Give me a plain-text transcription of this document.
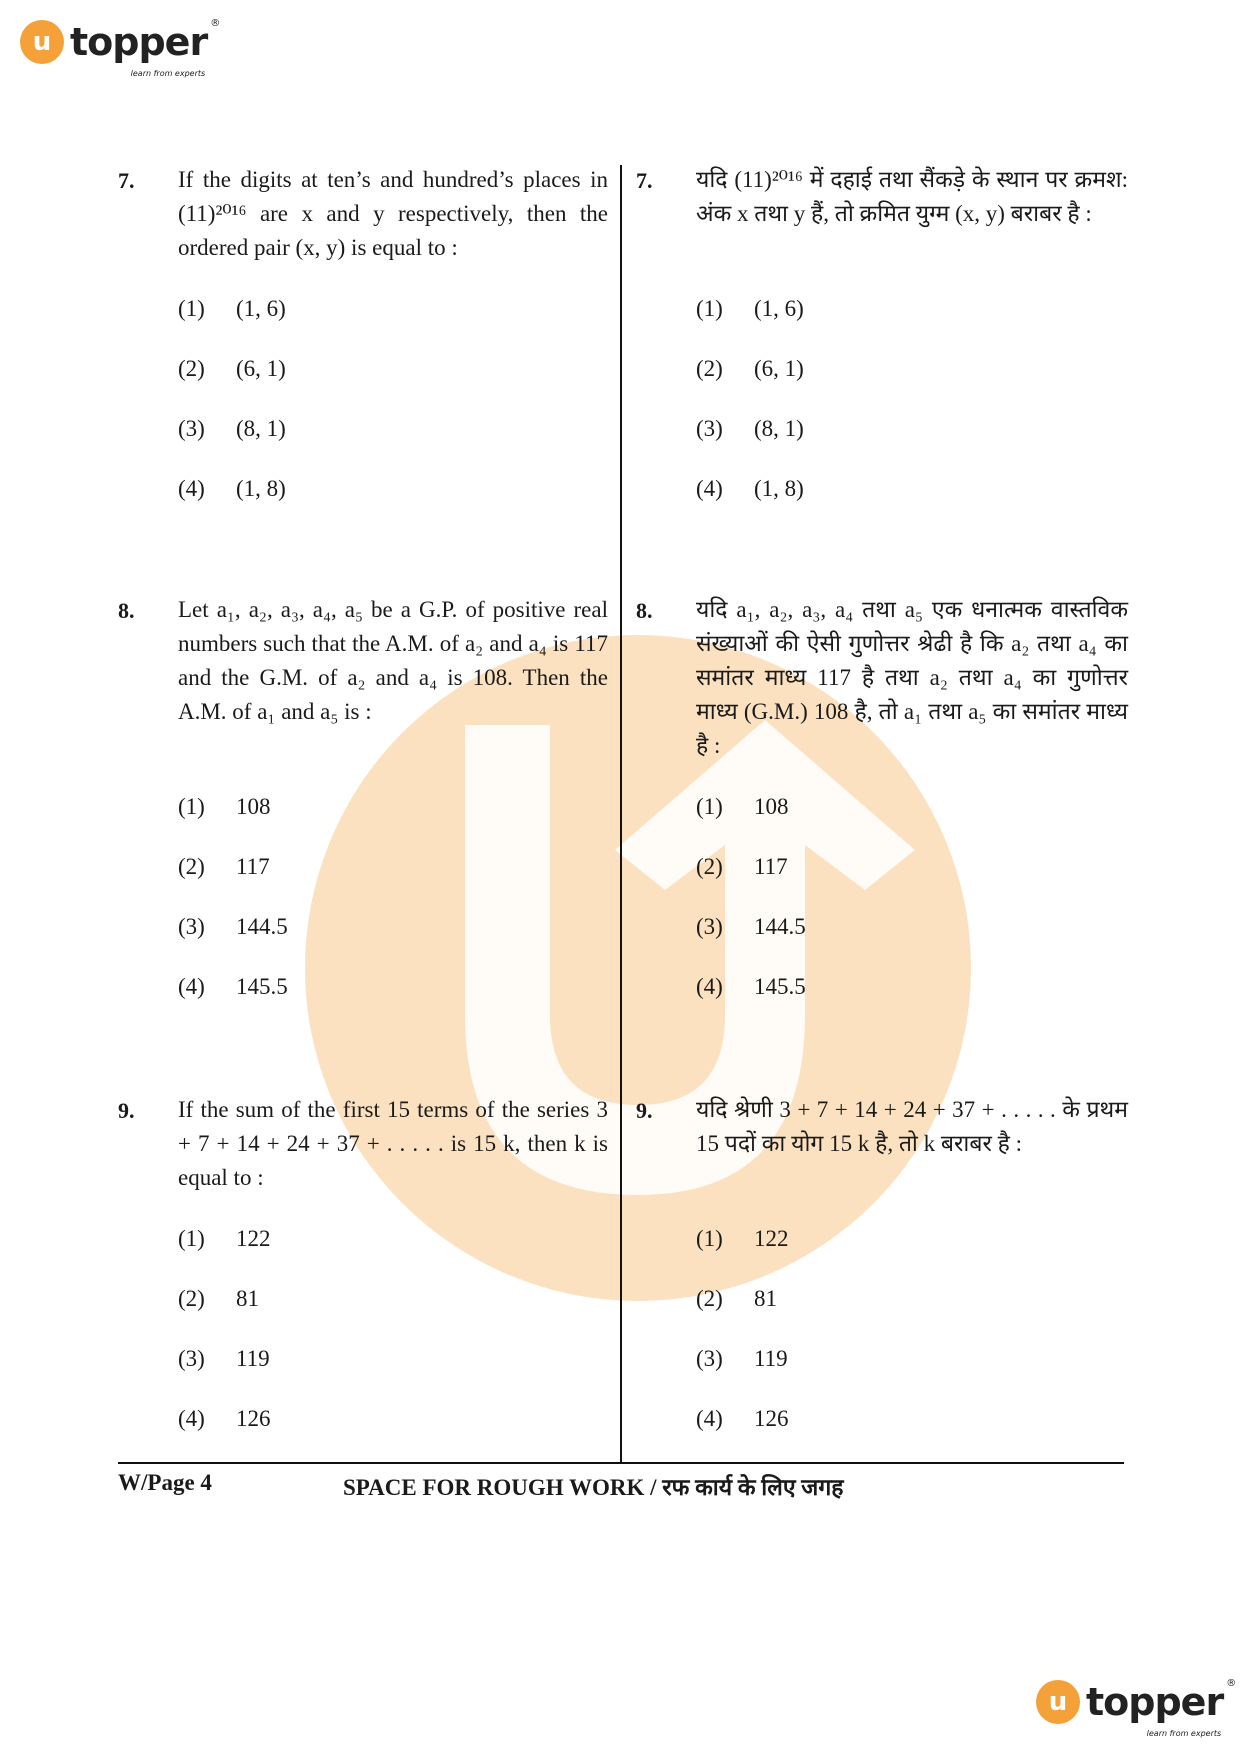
u topper ®
learn from experts
7. If the digits at ten’s and hundred’s places in (11)²⁰¹⁶ are x and y respectively, then the ordered pair (x, y) is equal to :
7. यदि (11)²⁰¹⁶ में दहाई तथा सैंकड़े के स्थान पर क्रमश: अंक x तथा y हैं, तो क्रमित युग्म (x, y) बराबर है :
(1) (1, 6)
(2) (6, 1)
(3) (8, 1)
(4) (1, 8)
(1) (1, 6)
(2) (6, 1)
(3) (8, 1)
(4) (1, 8)
8. Let a₁, a₂, a₃, a₄, a₅ be a G.P. of positive real numbers such that the A.M. of a₂ and a₄ is 117 and the G.M. of a₂ and a₄ is 108. Then the A.M. of a₁ and a₅ is :
8. यदि a₁, a₂, a₃, a₄ तथा a₅ एक धनात्मक वास्तविक संख्याओं की ऐसी गुणोत्तर श्रेढी है कि a₂ तथा a₄ का समांतर माध्य 117 है तथा a₂ तथा a₄ का गुणोत्तर माध्य (G.M.) 108 है, तो a₁ तथा a₅ का समांतर माध्य है :
(1) 108
(2) 117
(3) 144.5
(4) 145.5
(1) 108
(2) 117
(3) 144.5
(4) 145.5
9. If the sum of the first 15 terms of the series 3 + 7 + 14 + 24 + 37 + . . . . . is 15 k, then k is equal to :
9. यदि श्रेणी 3 + 7 + 14 + 24 + 37 + . . . . . के प्रथम 15 पदों का योग 15 k है, तो k बराबर है :
(1) 122
(2) 81
(3) 119
(4) 126
(1) 122
(2) 81
(3) 119
(4) 126
W/Page 4	SPACE FOR ROUGH WORK / रफ कार्य के लिए जगह
u topper ®
learn from experts
